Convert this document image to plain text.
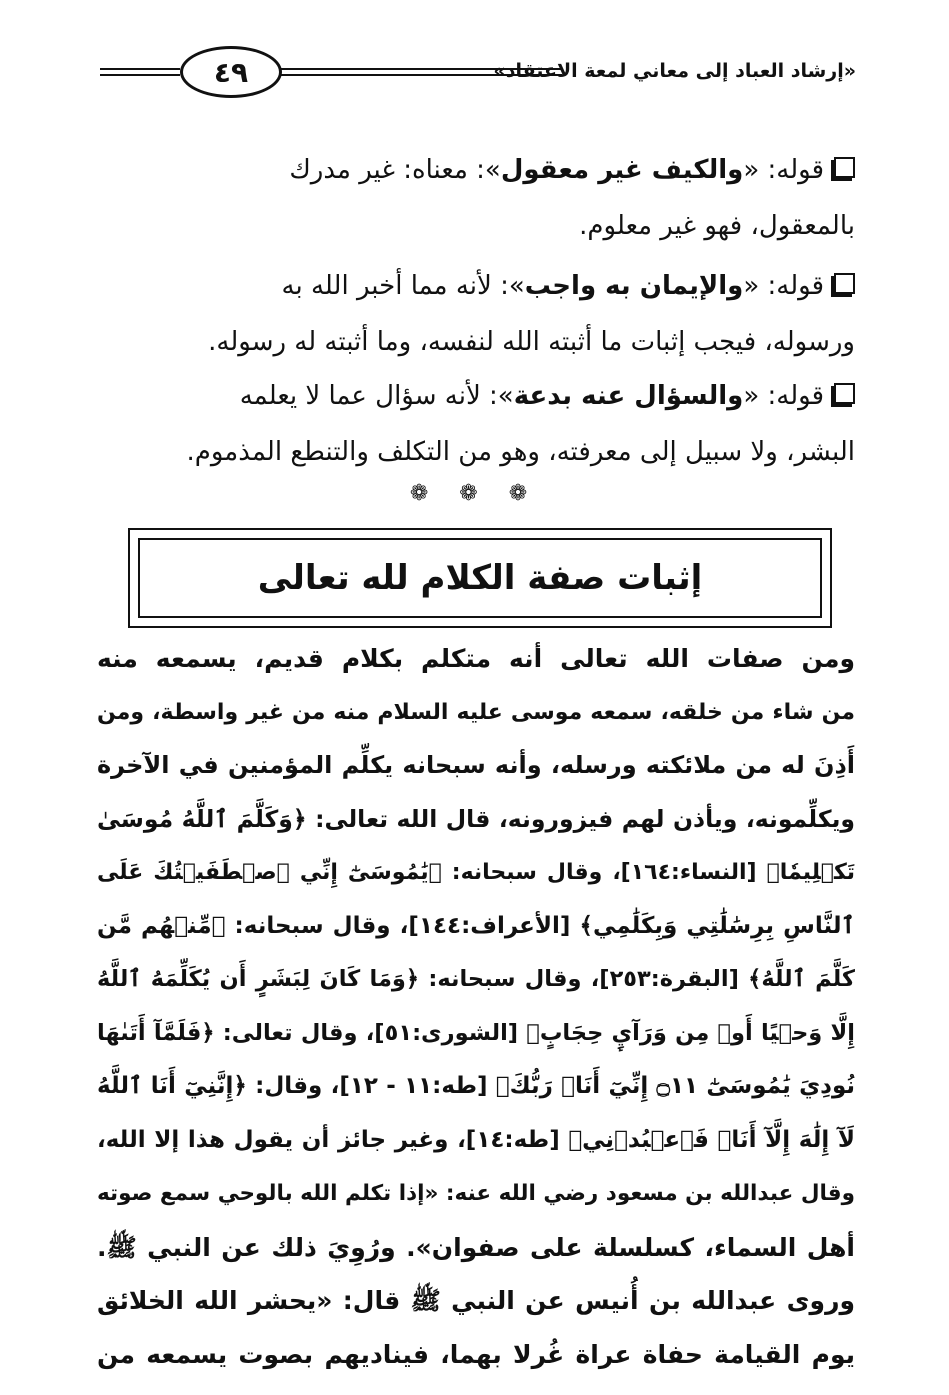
٤٩	«إرشاد العباد إلى معاني لمعة الاعتقاد»
قوله: «والكيف غير معقول»: معناه: غير مدرك
بالمعقول، فهو غير معلوم.
قوله: «والإيمان به واجب»: لأنه مما أخبر الله به
ورسوله، فيجب إثبات ما أثبته الله لنفسه، وما أثبته له رسوله.
قوله: «والسؤال عنه بدعة»: لأنه سؤال عما لا يعلمه
البشر، ولا سبيل إلى معرفته، وهو من التكلف والتنطع المذموم.
❁ ❁ ❁
إثبات صفة الكلام لله تعالى
ومن صفات الله تعالى أنه متكلم بكلام قديم، يسمعه منه
من شاء من خلقه، سمعه موسى عليه السلام منه من غير واسطة، ومن
أَذِنَ له من ملائكته ورسله، وأنه سبحانه يكلِّم المؤمنين في الآخرة
ويكلِّمونه، ويأذن لهم فيزورونه، قال الله تعالى: ﴿وَكَلَّمَ ٱللَّهُ مُوسَىٰ
تَكۡلِيمٗا﴾ [النساء:١٦٤]، وقال سبحانه: ﴿يَٰمُوسَىٰٓ إِنِّي ٱصۡطَفَيۡتُكَ عَلَى
ٱلنَّاسِ بِرِسَٰلَٰتِي وَبِكَلَٰمِي﴾ [الأعراف:١٤٤]، وقال سبحانه: ﴿مِّنۡهُم مَّن
كَلَّمَ ٱللَّهُ﴾ [البقرة:٢٥٣]، وقال سبحانه: ﴿وَمَا كَانَ لِبَشَرٍ أَن يُكَلِّمَهُ ٱللَّهُ
إِلَّا وَحۡيًا أَوۡ مِن وَرَآيِٕ حِجَابٍ﴾ [الشورى:٥١]، وقال تعالى: ﴿فَلَمَّآ أَتَىٰهَا
نُودِيَ يَٰمُوسَىٰٓ ۝١١ إِنِّيٓ أَنَا۠ رَبُّكَ﴾ [طه:١١ - ١٢]، وقال: ﴿إِنَّنِيٓ أَنَا ٱللَّهُ
لَآ إِلَٰهَ إِلَّآ أَنَا۠ فَٱعۡبُدۡنِي﴾ [طه:١٤]، وغير جائز أن يقول هذا إلا الله،
وقال عبدالله بن مسعود رضي الله عنه: «إذا تكلم الله بالوحي سمع صوته
أهل السماء، كسلسلة على صفوان». ورُوِيَ ذلك عن النبي ﷺ.
وروى عبدالله بن أُنيس عن النبي ﷺ قال: «يحشر الله الخلائق
يوم القيامة حفاة عراة غُرلا بهما، فيناديهم بصوت يسمعه من
